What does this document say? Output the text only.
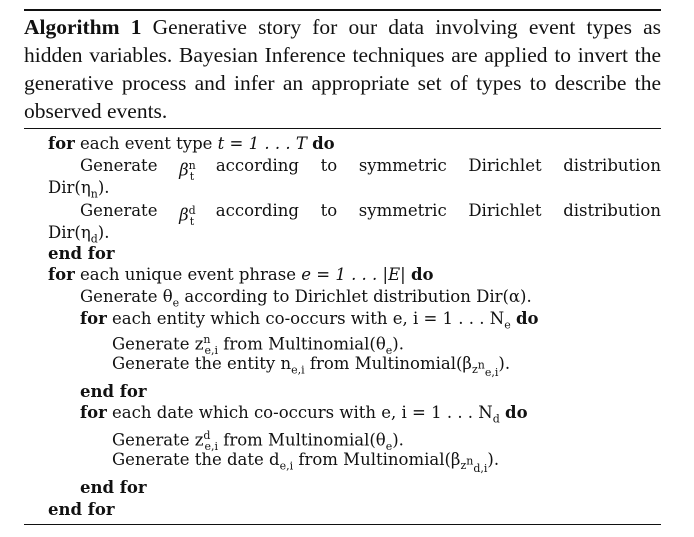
Algorithm 1 Generative story for our data involving event types as hidden variables. Bayesian Inference techniques are applied to invert the generative process and infer an appropriate set of types to describe the observed events.
for each event type t = 1 . . . T do
Generate $\beta^n_t$
according to symmetric Dirichlet distribution
$Dir(\eta_n)$.
Generate $\beta^d_t$
according to symmetric Dirichlet distribution
$Dir(\eta_d)$.
end for
for each unique event phrase e = 1 . . . |E| do
Generate $\theta_e$ according to Dirichlet distribution Dir(α).
for each entity which co-occurs with e, i = 1 . . . $N_e$ do
Generate $z^n_{e,i}$ from $Multinomial(\theta_e)$.
Generate the entity $n_{e,i}$ from $Multinomial(\beta_{z^n_{e,i}})$.
end for
for each date which co-occurs with e, i = 1 . . . $N_d$ do
Generate $z^d_{e,i}$ from $Multinomial(\theta_e)$.
Generate the date $d_{e,i}$ from $Multinomial(\beta_{z^n_{d,i}})$.
end for
end for
